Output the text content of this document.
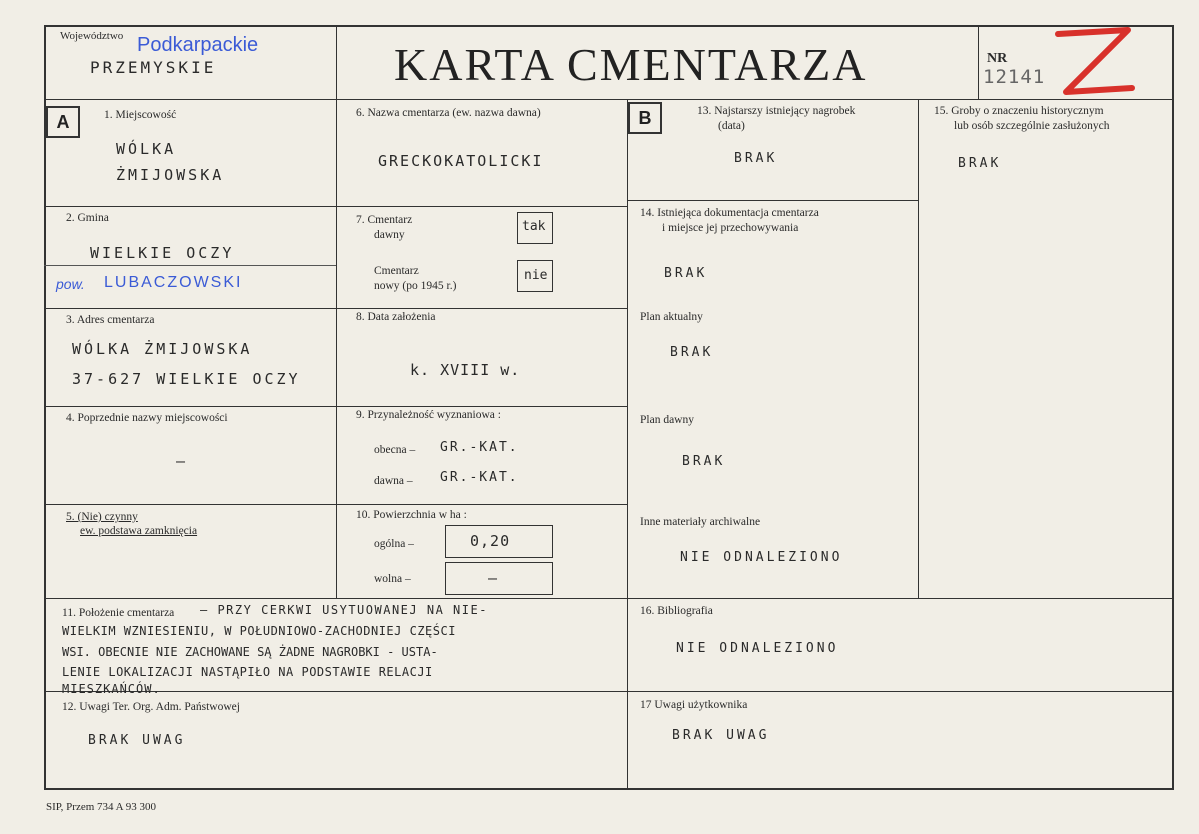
Województwo Podkarpackie
PRZEMYSKIE	KARTA CMENTARZA	NR
12141
A	B
1. Miejscowość
WÓLKA
ŻMIJOWSKA
2. Gmina
WIELKIE OCZY
pow. LUBACZOWSKI
3. Adres cmentarza
WÓLKA ŻMIJOWSKA
37-627 WIELKIE OCZY
4. Poprzednie nazwy miejscowości
—
5. (Nie) czynny
ew. podstawa zamknięcia
6. Nazwa cmentarza (ew. nazwa dawna)
GRECKOKATOLICKI
7. Cmentarz
dawny
tak
Cmentarz
nowy (po 1945 r.)
nie
8. Data założenia
k. XVIII w.
9. Przynależność wyznaniowa :
obecna – GR.-KAT.
dawna – GR.-KAT.
10. Powierzchnia w ha :
ogólna –	0,20
wolna –	–
13. Najstarszy istniejący nagrobek
(data)
BRAK
14. Istniejąca dokumentacja cmentarza
i miejsce jej przechowywania
BRAK
Plan aktualny
BRAK
Plan dawny
BRAK
Inne materiały archiwalne
NIE ODNALEZIONO
15. Groby o znaczeniu historycznym
lub osób szczególnie zasłużonych
BRAK
11. Położenie cmentarza – PRZY CERKWI USYTUOWANEJ NA NIE-
WIELKIM WZNIESIENIU, W POŁUDNIOWO-ZACHODNIEJ CZĘŚCI
WSI. OBECNIE NIE ZACHOWANE SĄ ŻADNE NAGROBKI - USTA-
LENIE LOKALIZACJI NASTĄPIŁO NA PODSTAWIE RELACJI
MIESZKAŃCÓW.
16. Bibliografia
NIE ODNALEZIONO
12. Uwagi Ter. Org. Adm. Państwowej
BRAK UWAG
17 Uwagi użytkownika
BRAK UWAG
SIP, Przem 734 A 93 300
